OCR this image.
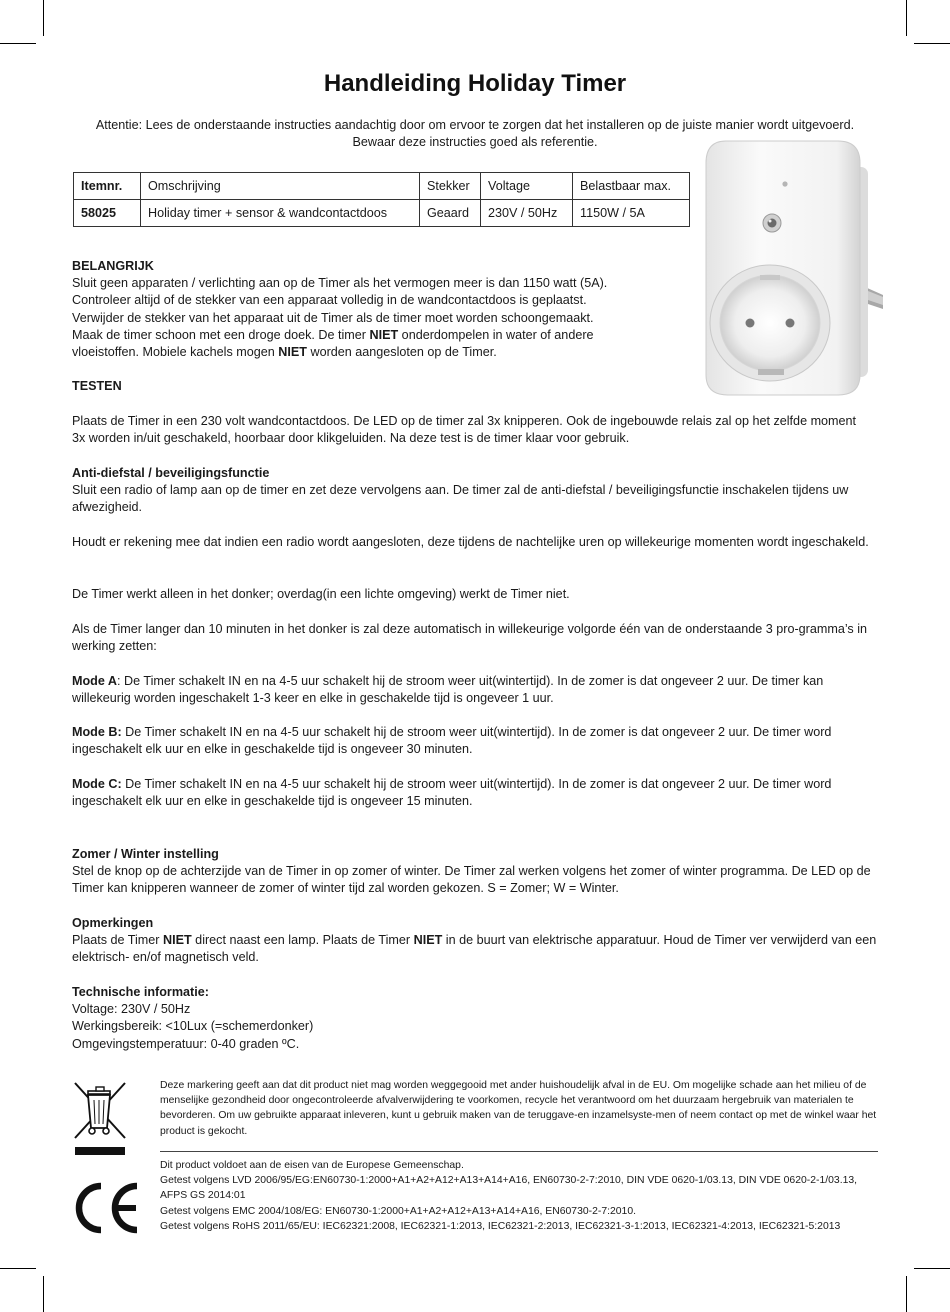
Handleiding Holiday Timer
Attentie: Lees de onderstaande instructies aandachtig door om ervoor te zorgen dat het installeren op de juiste manier wordt uitgevoerd. Bewaar deze instructies goed als referentie.
Itemnr.	Omschrijving	Stekker	Voltage	Belastbaar max.
58025	Holiday timer + sensor & wandcontactdoos	Geaard	230V / 50Hz	1150W / 5A
BELANGRIJK
Sluit geen apparaten / verlichting aan op de Timer als het vermogen meer is dan 1150 watt (5A).
Controleer altijd of de stekker van een apparaat volledig in de wandcontactdoos is geplaatst.
Verwijder de stekker van het apparaat uit de Timer als de timer moet worden schoongemaakt.
Maak de timer schoon met een droge doek. De timer NIET onderdompelen in water of andere
vloeistoffen. Mobiele kachels mogen NIET worden aangesloten op de Timer.
TESTEN
Plaats de Timer in een 230 volt wandcontactdoos. De LED op de timer zal 3x knipperen. Ook de ingebouwde relais zal op het zelfde moment 3x worden in/uit geschakeld, hoorbaar door klikgeluiden. Na deze test is de timer klaar voor gebruik.
Anti-diefstal / beveiligingsfunctie
Sluit een radio of lamp aan op de timer en zet deze vervolgens aan. De timer zal de anti-diefstal / beveiligingsfunctie inschakelen tijdens uw afwezigheid.
Houdt er rekening mee dat indien een radio wordt aangesloten, deze tijdens de nachtelijke uren op willekeurige momenten wordt ingeschakeld.
De Timer werkt alleen in het donker; overdag(in een lichte omgeving) werkt de Timer niet.
Als de Timer langer dan 10 minuten in het donker is zal deze automatisch in willekeurige volgorde één van de onderstaande 3 pro-gramma’s in werking zetten:
Mode A: De Timer schakelt IN en na 4-5 uur schakelt hij de stroom weer uit(wintertijd). In de zomer is dat ongeveer 2 uur. De timer kan willekeurig worden ingeschakelt 1-3 keer en elke in geschakelde tijd is ongeveer 1 uur.
Mode B: De Timer schakelt IN en na 4-5 uur schakelt hij de stroom weer uit(wintertijd). In de zomer is dat ongeveer 2 uur. De timer word ingeschakelt elk uur en elke in geschakelde tijd is ongeveer 30 minuten.
Mode C: De Timer schakelt IN en na 4-5 uur schakelt hij de stroom weer uit(wintertijd). In de zomer is dat ongeveer 2 uur. De timer word ingeschakelt elk uur en elke in geschakelde tijd is ongeveer 15 minuten.
Zomer / Winter instelling
Stel de knop op de achterzijde van de Timer in op zomer of winter. De Timer zal werken volgens het zomer of winter programma. De LED op de Timer kan knipperen wanneer de zomer of winter tijd zal worden gekozen. S = Zomer; W = Winter.
Opmerkingen
Plaats de Timer NIET direct naast een lamp. Plaats de Timer NIET in de buurt van elektrische apparatuur. Houd de Timer ver verwijderd van een elektrisch- en/of magnetisch veld.
Technische informatie:
Voltage: 230V / 50Hz
Werkingsbereik: <10Lux (=schemerdonker)
Omgevingstemperatuur: 0-40 graden ºC.
Deze markering geeft aan dat dit product niet mag worden weggegooid met ander huishoudelijk afval in de EU. Om mogelijke schade aan het milieu of de menselijke gezondheid door ongecontroleerde afvalverwijdering te voorkomen, recycle het verantwoord om het duurzaam hergebruik van materialen te bevorderen. Om uw gebruikte apparaat inleveren, kunt u gebruik maken van de teruggave-en inzamelsyste-men of neem contact op met de winkel waar het product is gekocht.
Dit product voldoet aan de eisen van de Europese Gemeenschap.
Getest volgens LVD 2006/95/EG:EN60730-1:2000+A1+A2+A12+A13+A14+A16, EN60730-2-7:2010, DIN VDE 0620-1/03.13, DIN VDE 0620-2-1/03.13, AFPS GS 2014:01
Getest volgens EMC 2004/108/EG: EN60730-1:2000+A1+A2+A12+A13+A14+A16, EN60730-2-7:2010.
Getest volgens RoHS 2011/65/EU: IEC62321:2008, IEC62321-1:2013, IEC62321-2:2013, IEC62321-3-1:2013, IEC62321-4:2013, IEC62321-5:2013
